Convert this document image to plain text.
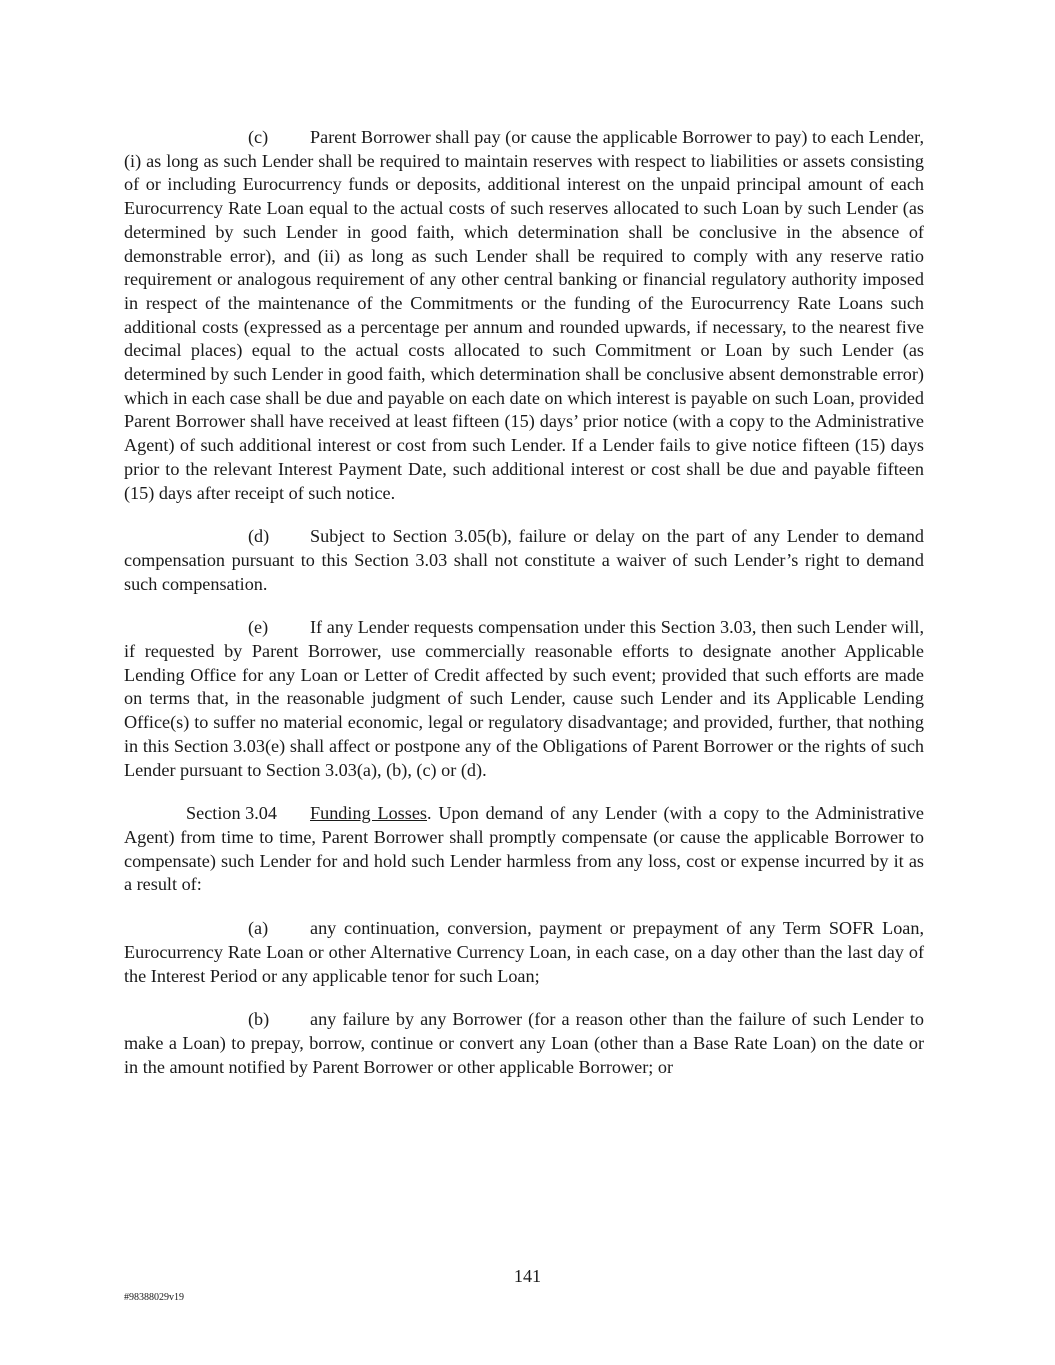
(c) Parent Borrower shall pay (or cause the applicable Borrower to pay) to each Lender, (i) as long as such Lender shall be required to maintain reserves with respect to liabilities or assets consisting of or including Eurocurrency funds or deposits, additional interest on the unpaid principal amount of each Eurocurrency Rate Loan equal to the actual costs of such reserves allocated to such Loan by such Lender (as determined by such Lender in good faith, which determination shall be conclusive in the absence of demonstrable error), and (ii) as long as such Lender shall be required to comply with any reserve ratio requirement or analogous requirement of any other central banking or financial regulatory authority imposed in respect of the maintenance of the Commitments or the funding of the Eurocurrency Rate Loans such additional costs (expressed as a percentage per annum and rounded upwards, if necessary, to the nearest five decimal places) equal to the actual costs allocated to such Commitment or Loan by such Lender (as determined by such Lender in good faith, which determination shall be conclusive absent demonstrable error) which in each case shall be due and payable on each date on which interest is payable on such Loan, provided Parent Borrower shall have received at least fifteen (15) days’ prior notice (with a copy to the Administrative Agent) of such additional interest or cost from such Lender. If a Lender fails to give notice fifteen (15) days prior to the relevant Interest Payment Date, such additional interest or cost shall be due and payable fifteen (15) days after receipt of such notice.

(d) Subject to Section 3.05(b), failure or delay on the part of any Lender to demand compensation pursuant to this Section 3.03 shall not constitute a waiver of such Lender’s right to demand such compensation.

(e) If any Lender requests compensation under this Section 3.03, then such Lender will, if requested by Parent Borrower, use commercially reasonable efforts to designate another Applicable Lending Office for any Loan or Letter of Credit affected by such event; provided that such efforts are made on terms that, in the reasonable judgment of such Lender, cause such Lender and its Applicable Lending Office(s) to suffer no material economic, legal or regulatory disadvantage; and provided, further, that nothing in this Section 3.03(e) shall affect or postpone any of the Obligations of Parent Borrower or the rights of such Lender pursuant to Section 3.03(a), (b), (c) or (d).

Section 3.04 Funding Losses. Upon demand of any Lender (with a copy to the Administrative Agent) from time to time, Parent Borrower shall promptly compensate (or cause the applicable Borrower to compensate) such Lender for and hold such Lender harmless from any loss, cost or expense incurred by it as a result of:

(a) any continuation, conversion, payment or prepayment of any Term SOFR Loan, Eurocurrency Rate Loan or other Alternative Currency Loan, in each case, on a day other than the last day of the Interest Period or any applicable tenor for such Loan;

(b) any failure by any Borrower (for a reason other than the failure of such Lender to make a Loan) to prepay, borrow, continue or convert any Loan (other than a Base Rate Loan) on the date or in the amount notified by Parent Borrower or other applicable Borrower; or

141
#98388029v19
